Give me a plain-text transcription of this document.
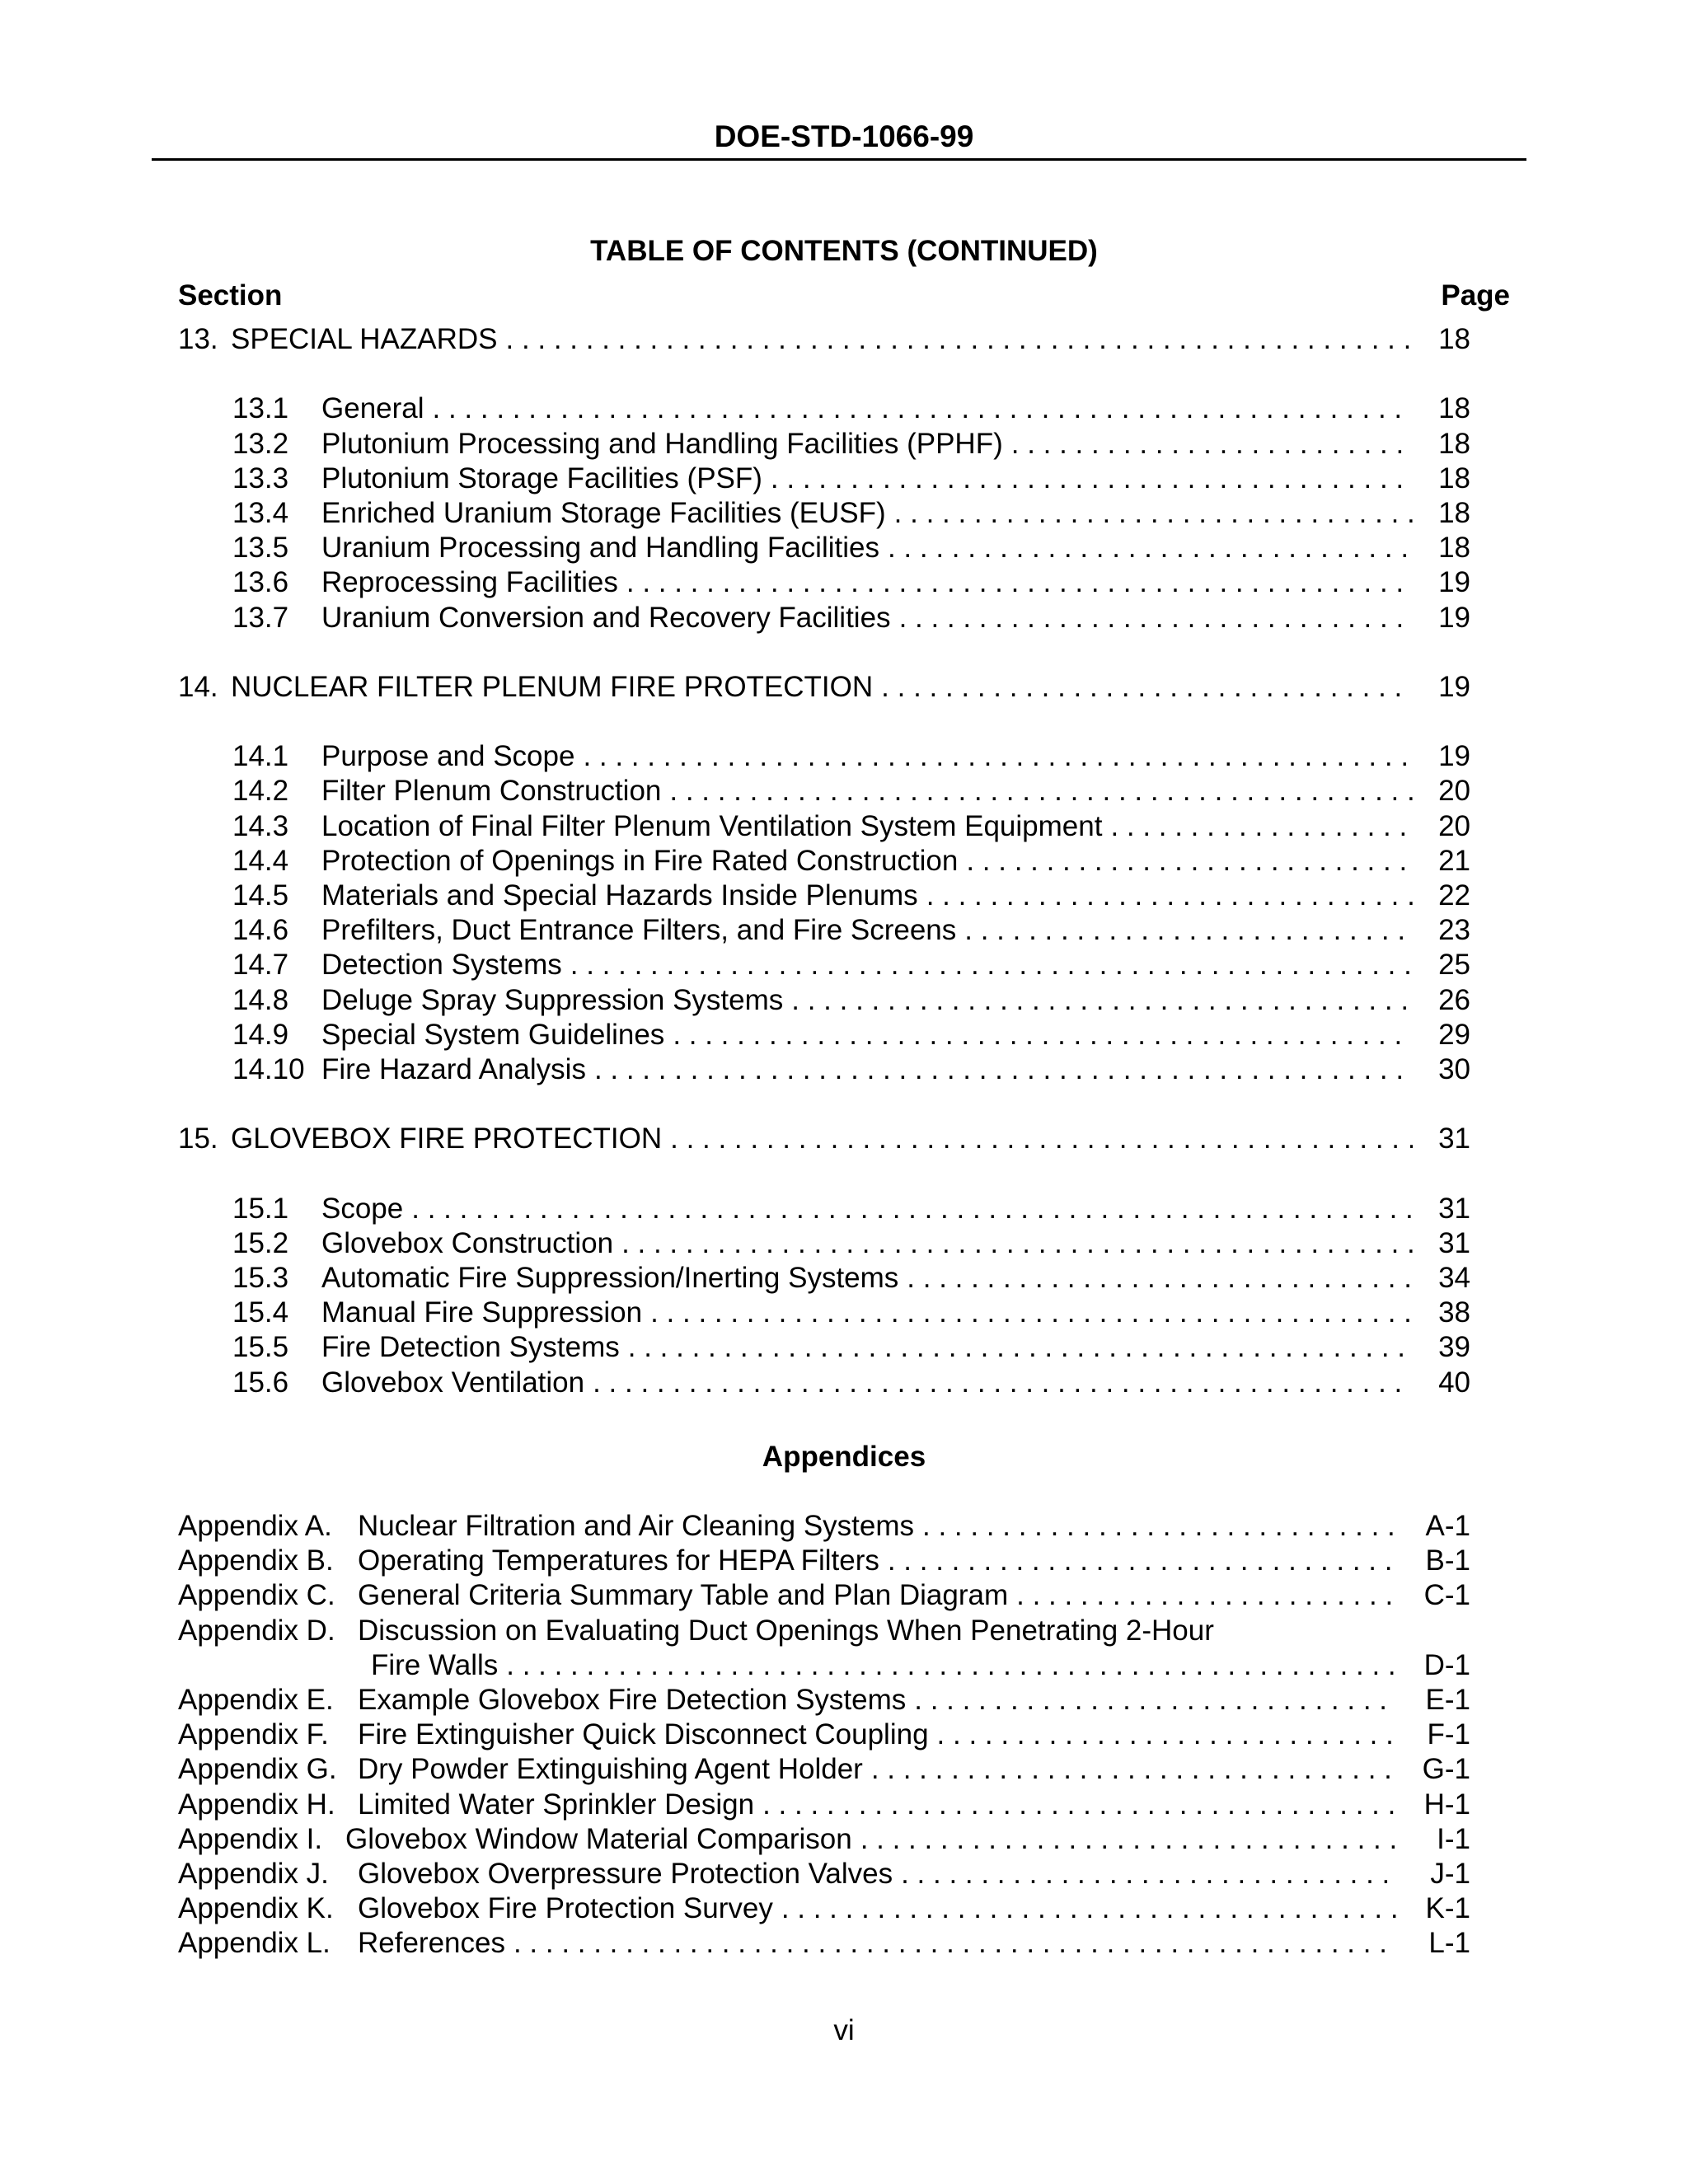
DOE-STD-1066-99
TABLE OF CONTENTS (CONTINUED)
Section	Page
13. SPECIAL HAZARDS . . .	18
13.1	General . . .	18
13.2	Plutonium Processing and Handling Facilities (PPHF) . . .	18
13.3	Plutonium Storage Facilities (PSF) . . .	18
13.4	Enriched Uranium Storage Facilities (EUSF) . . .	18
13.5	Uranium Processing and Handling Facilities . . .	18
13.6	Reprocessing Facilities . . .	19
13.7	Uranium Conversion and Recovery Facilities . . .	19
14. NUCLEAR FILTER PLENUM FIRE PROTECTION . . .	19
14.1	Purpose and Scope . . .	19
14.2	Filter Plenum Construction . . .	20
14.3	Location of Final Filter Plenum Ventilation System Equipment . . .	20
14.4	Protection of Openings in Fire Rated Construction . . .	21
14.5	Materials and Special Hazards Inside Plenums . . .	22
14.6	Prefilters, Duct Entrance Filters, and Fire Screens . . .	23
14.7	Detection Systems . . .	25
14.8	Deluge Spray Suppression Systems . . .	26
14.9	Special System Guidelines . . .	29
14.10 Fire Hazard Analysis . . .	30
15. GLOVEBOX FIRE PROTECTION . . .	31
15.1	Scope . . .	31
15.2	Glovebox Construction . . .	31
15.3	Automatic Fire Suppression/Inerting Systems . . .	34
15.4	Manual Fire Suppression . . .	38
15.5	Fire Detection Systems . . .	39
15.6	Glovebox Ventilation . . .	40
Appendices
Appendix A. Nuclear Filtration and Air Cleaning Systems . . .	A-1
Appendix B. Operating Temperatures for HEPA Filters . . .	B-1
Appendix C. General Criteria Summary Table and Plan Diagram . . .	C-1
Appendix D. Discussion on Evaluating Duct Openings When Penetrating 2-Hour
Fire Walls . . .	D-1
Appendix E. Example Glovebox Fire Detection Systems . . .	E-1
Appendix F.	Fire Extinguisher Quick Disconnect Coupling . . .	F-1
Appendix G. Dry Powder Extinguishing Agent Holder . . .	G-1
Appendix H. Limited Water Sprinkler Design . . .	H-1
Appendix I. Glovebox Window Material Comparison . . .	I-1
Appendix J.	Glovebox Overpressure Protection Valves . . .	J-1
Appendix K. Glovebox Fire Protection Survey . . .	K-1
Appendix L. References . . .	L-1
vi
